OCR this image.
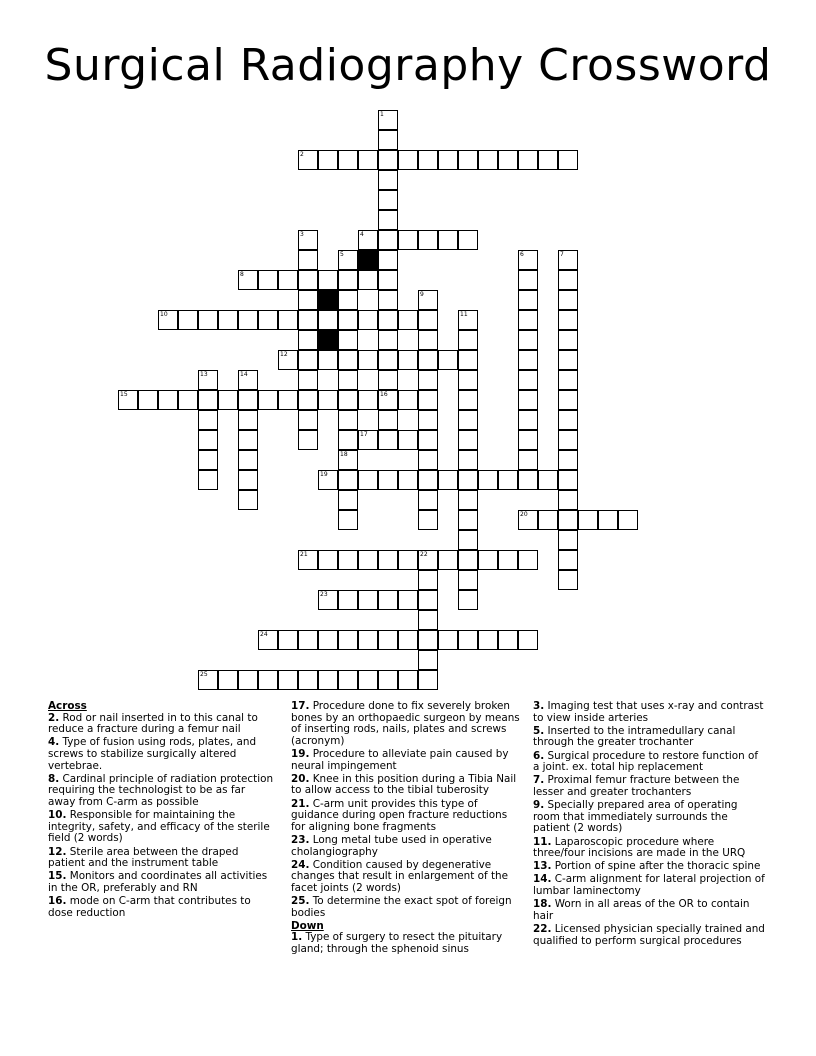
Surgical Radiography Crossword
1
16
2
3	4
5
8
10
12
13	14
15
17
9
11
6	7
18
19
20
21	22
23
24
25
Across
2. Rod or nail inserted in to this canal to reduce a fracture during a femur nail
4. Type of fusion using rods, plates, and screws to stabilize surgically altered vertebrae.
8. Cardinal principle of radiation protection requiring the technologist to be as far away from C-arm as possible
10. Responsible for maintaining the integrity, safety, and efficacy of the sterile field (2 words)
12. Sterile area between the draped patient and the instrument table
15. Monitors and coordinates all activities in the OR, preferably and RN
16. mode on C-arm that contributes to dose reduction
17. Procedure done to fix severely broken bones by an orthopaedic surgeon by means of inserting rods, nails, plates and screws (acronym)
19. Procedure to alleviate pain caused by neural impingement
20. Knee in this position during a Tibia Nail to allow access to the tibial tuberosity
21. C-arm unit provides this type of guidance during open fracture reductions for aligning bone fragments
23. Long metal tube used in operative cholangiography
24. Condition caused by degenerative changes that result in enlargement of the facet joints (2 words)
25. To determine the exact spot of foreign bodies
Down
1. Type of surgery to resect the pituitary gland; through the sphenoid sinus
3. Imaging test that uses x-ray and contrast to view inside arteries
5. Inserted to the intramedullary canal through the greater trochanter
6. Surgical procedure to restore function of a joint. ex. total hip replacement
7. Proximal femur fracture between the lesser and greater trochanters
9. Specially prepared area of operating room that immediately surrounds the patient (2 words)
11. Laparoscopic procedure where three/four incisions are made in the URQ
13. Portion of spine after the thoracic spine
14. C-arm alignment for lateral projection of lumbar laminectomy
18. Worn in all areas of the OR to contain hair
22. Licensed physician specially trained and qualified to perform surgical procedures
